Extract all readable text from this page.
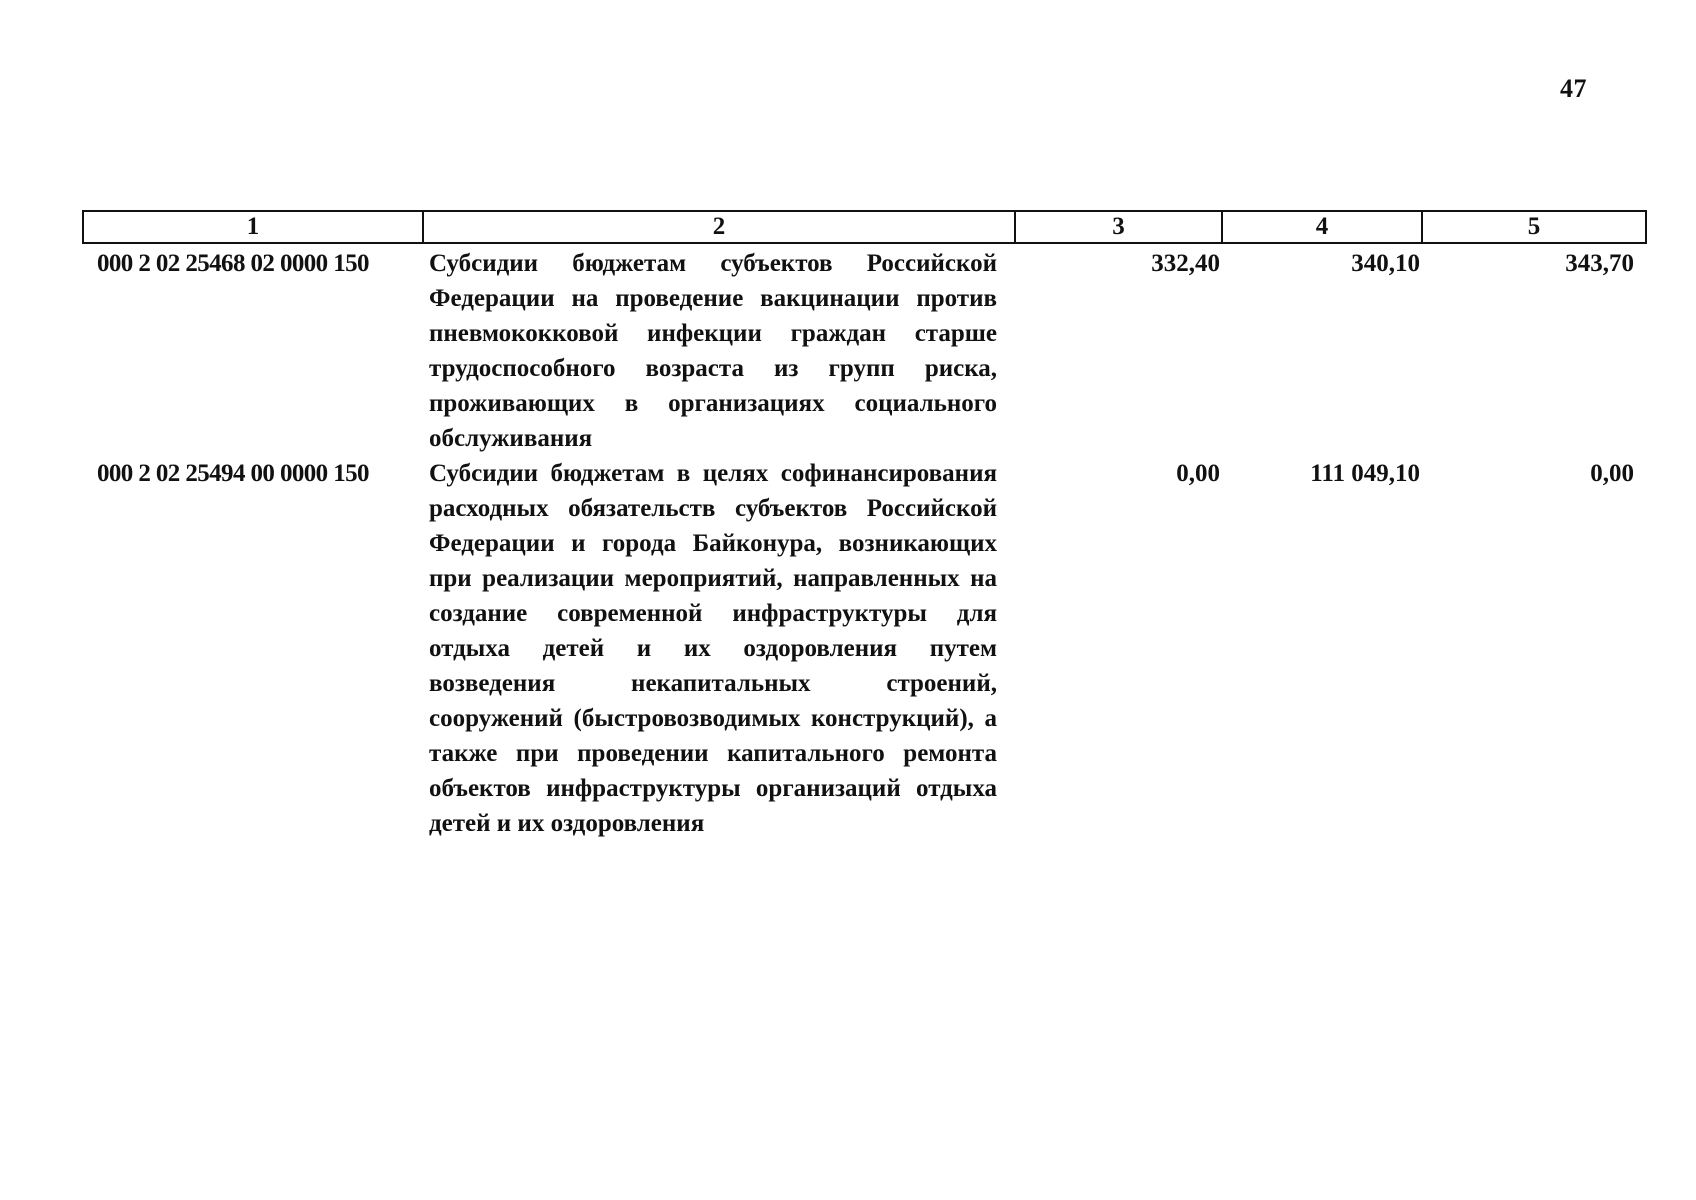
47
1	2	3	4	5
000 2 02 25468 02 0000 150	Субсидии бюджетам субъектов Российской Федерации на проведение вакцинации против пневмококковой инфекции граждан старше трудоспособного возраста из групп риска, проживающих в организациях социального обслуживания	332,40	340,10	343,70
000 2 02 25494 00 0000 150	Субсидии бюджетам в целях софинансирования расходных обязательств субъектов Российской Федерации и города Байконура, возникающих при реализации мероприятий, направленных на создание современной инфраструктуры для отдыха детей и их оздоровления путем возведения некапитальных строений, сооружений (быстровозводимых конструкций), а также при проведении капитального ремонта объектов инфраструктуры организаций отдыха детей и их оздоровления	0,00	111 049,10	0,00
